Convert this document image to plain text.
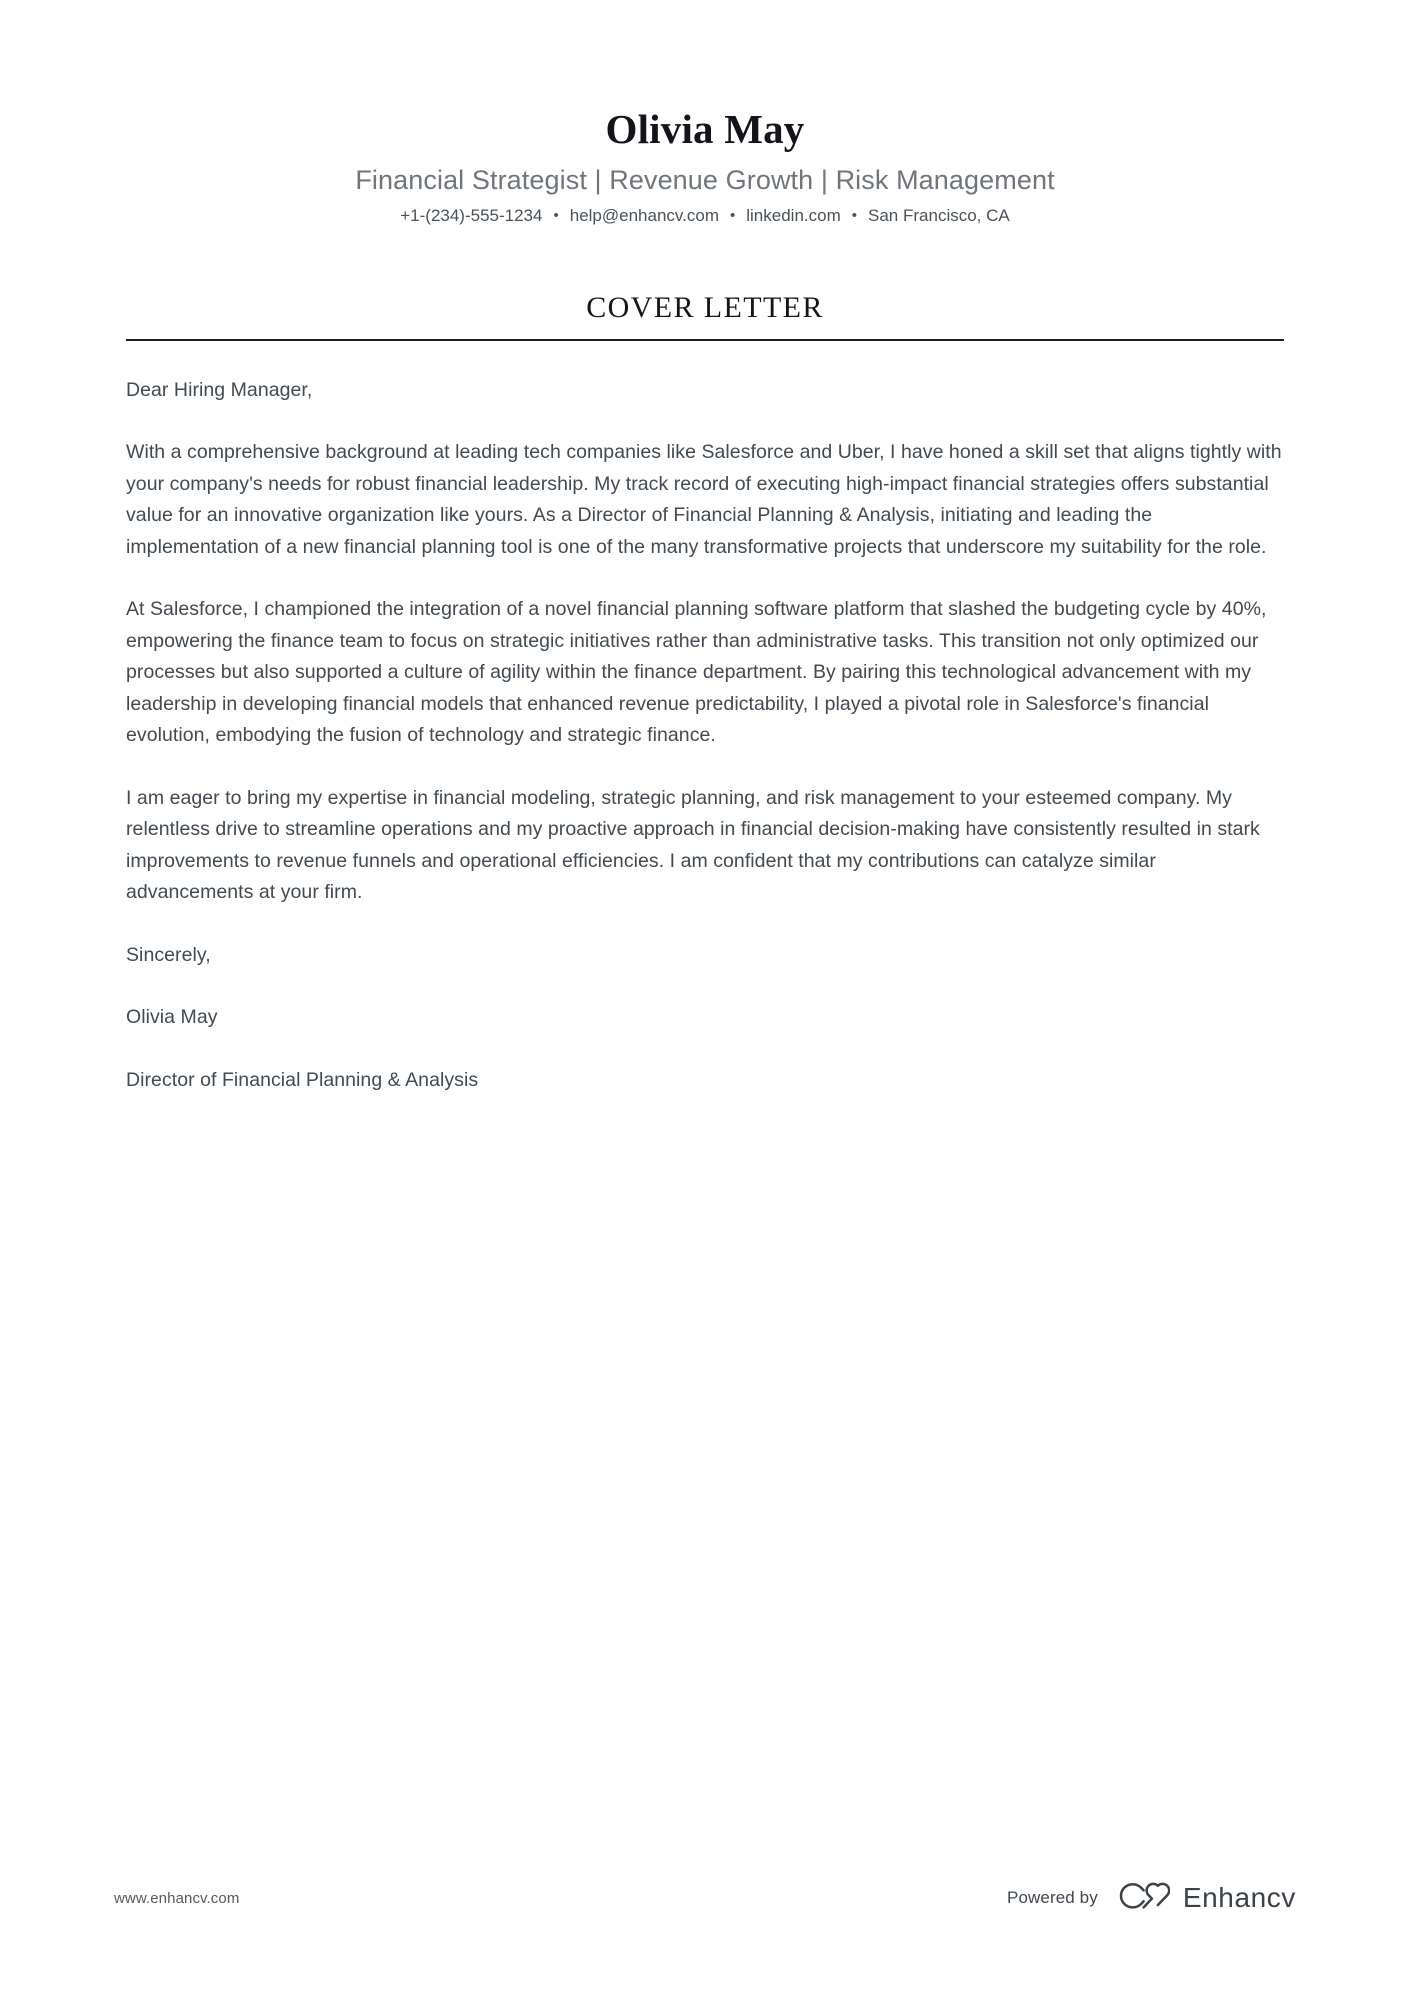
Olivia May
Financial Strategist | Revenue Growth | Risk Management
+1-(234)-555-1234 • help@enhancv.com • linkedin.com • San Francisco, CA
COVER LETTER

Dear Hiring Manager,

With a comprehensive background at leading tech companies like Salesforce and Uber, I have honed a skill set that aligns tightly with your company's needs for robust financial leadership. My track record of executing high-impact financial strategies offers substantial value for an innovative organization like yours. As a Director of Financial Planning & Analysis, initiating and leading the implementation of a new financial planning tool is one of the many transformative projects that underscore my suitability for the role.

At Salesforce, I championed the integration of a novel financial planning software platform that slashed the budgeting cycle by 40%, empowering the finance team to focus on strategic initiatives rather than administrative tasks. This transition not only optimized our processes but also supported a culture of agility within the finance department. By pairing this technological advancement with my leadership in developing financial models that enhanced revenue predictability, I played a pivotal role in Salesforce's financial evolution, embodying the fusion of technology and strategic finance.

I am eager to bring my expertise in financial modeling, strategic planning, and risk management to your esteemed company. My relentless drive to streamline operations and my proactive approach in financial decision-making have consistently resulted in stark improvements to revenue funnels and operational efficiencies. I am confident that my contributions can catalyze similar advancements at your firm.

Sincerely,

Olivia May

Director of Financial Planning & Analysis

www.enhancv.com	Powered by	Enhancv
